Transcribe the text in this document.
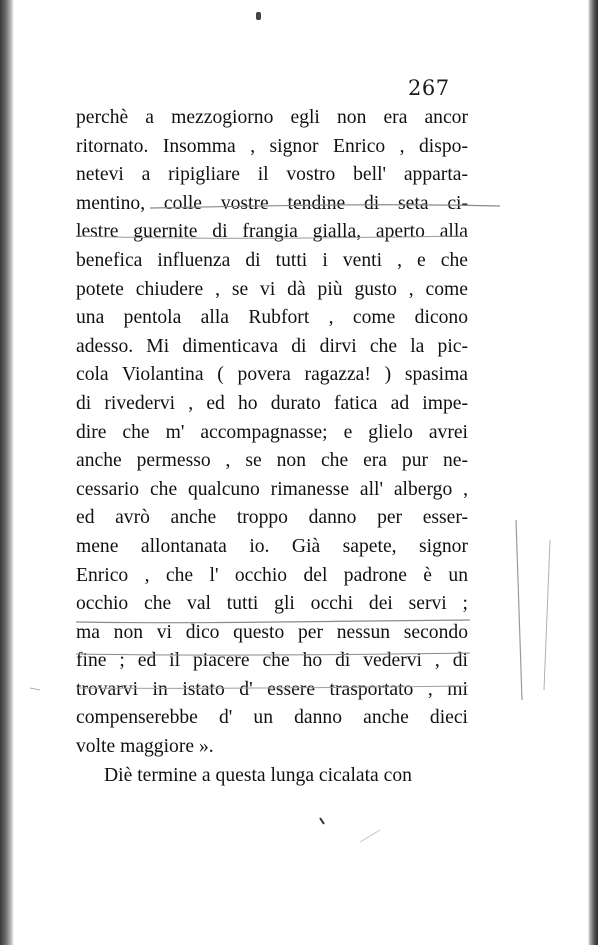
267
perchè a mezzogiorno egli non era ancor
ritornato. Insomma , signor Enrico , dispo-
netevi a ripigliare il vostro bell' apparta-
mentino, colle vostre tendine di seta ci-
lestre guernite di frangia gialla, aperto alla
benefica influenza di tutti i venti , e che
potete chiudere , se vi dà più gusto , come
una pentola alla Rubfort , come dicono
adesso. Mi dimenticava di dirvi che la pic-
cola Violantina ( povera ragazza! ) spasima
di rivedervi , ed ho durato fatica ad impe-
dire che m' accompagnasse; e glielo avrei
anche permesso , se non che era pur ne-
cessario che qualcuno rimanesse all' albergo ,
ed avrò anche troppo danno per esser-
mene allontanata io. Già sapete, signor
Enrico , che l' occhio del padrone è un
occhio che val tutti gli occhi dei servi ;
ma non vi dico questo per nessun secondo
fine ; ed il piacere che ho di vedervi , di
trovarvi in istato d' essere trasportato , mi
compenserebbe d' un danno anche dieci
volte maggiore ».
Diè termine a questa lunga cicalata con
